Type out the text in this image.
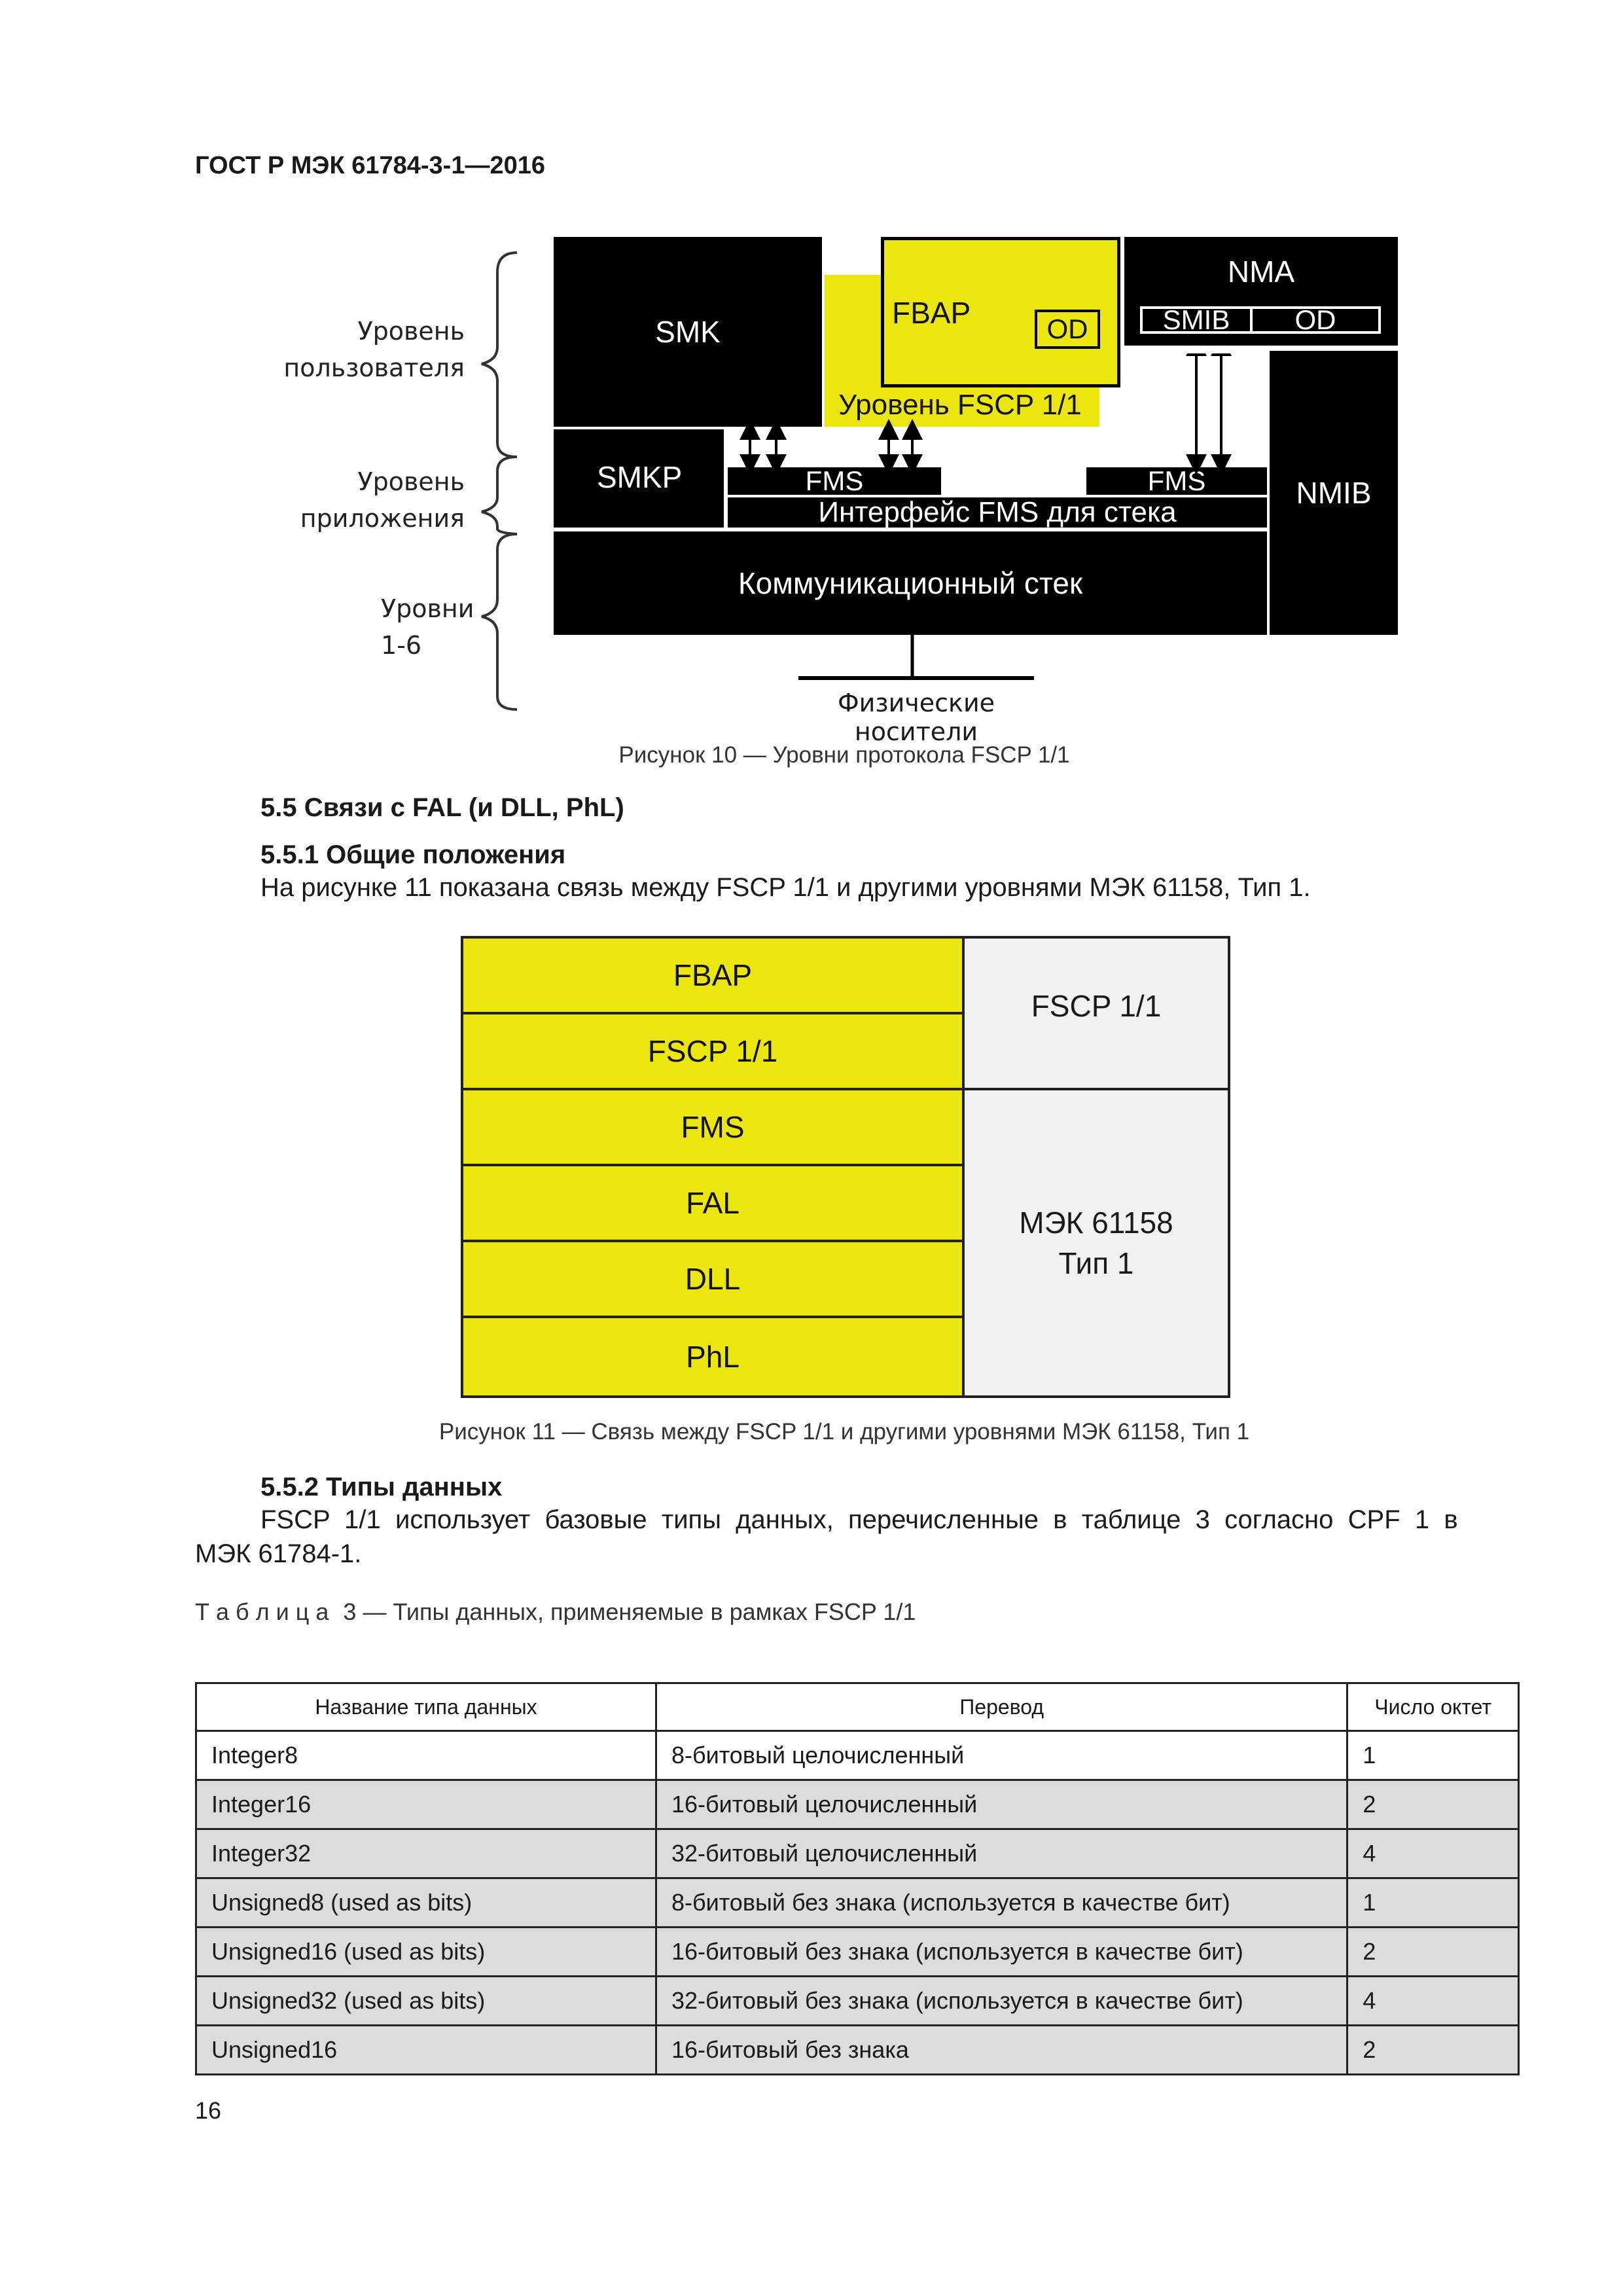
ГОСТ Р МЭК 61784-3-1—2016
Уровень
пользователя
Уровень
приложения
Уровни
1-6
SMK
Уровень FSCP 1/1
FBAP	OD
NMA
SMIB	OD
NMIB
SMKP	FMS	FMS
Интерфейс FMS для стека
Коммуникационный стек
Физические носители
Рисунок 10 — Уровни протокола FSCP 1/1
5.5 Связи с FAL (и DLL, PhL)
5.5.1 Общие положения
На рисунке 11 показана связь между FSCP 1/1 и другими уровнями МЭК 61158, Тип 1.
FBAP
FSCP 1/1
FMS
FAL
DLL
PhL
FSCP 1/1
МЭК 61158
Тип 1
Рисунок 11 — Связь между FSCP 1/1 и другими уровнями МЭК 61158, Тип 1
5.5.2 Типы данных
FSCP  1/1  использует  базовые  типы  данных,  перечисленные  в  таблице  3  согласно  CPF  1  в
МЭК 61784-1.
Т а б л и ц а 3 — Типы данных, применяемые в рамках FSCP 1/1
Название типа данных	Перевод	Число октет
Integer8	8-битовый целочисленный	1
Integer16	16-битовый целочисленный	2
Integer32	32-битовый целочисленный	4
Unsigned8 (used as bits)	8-битовый без знака (используется в качестве бит)	1
Unsigned16 (used as bits)	16-битовый без знака (используется в качестве бит)	2
Unsigned32 (used as bits)	32-битовый без знака (используется в качестве бит)	4
Unsigned16	16-битовый без знака	2
16
